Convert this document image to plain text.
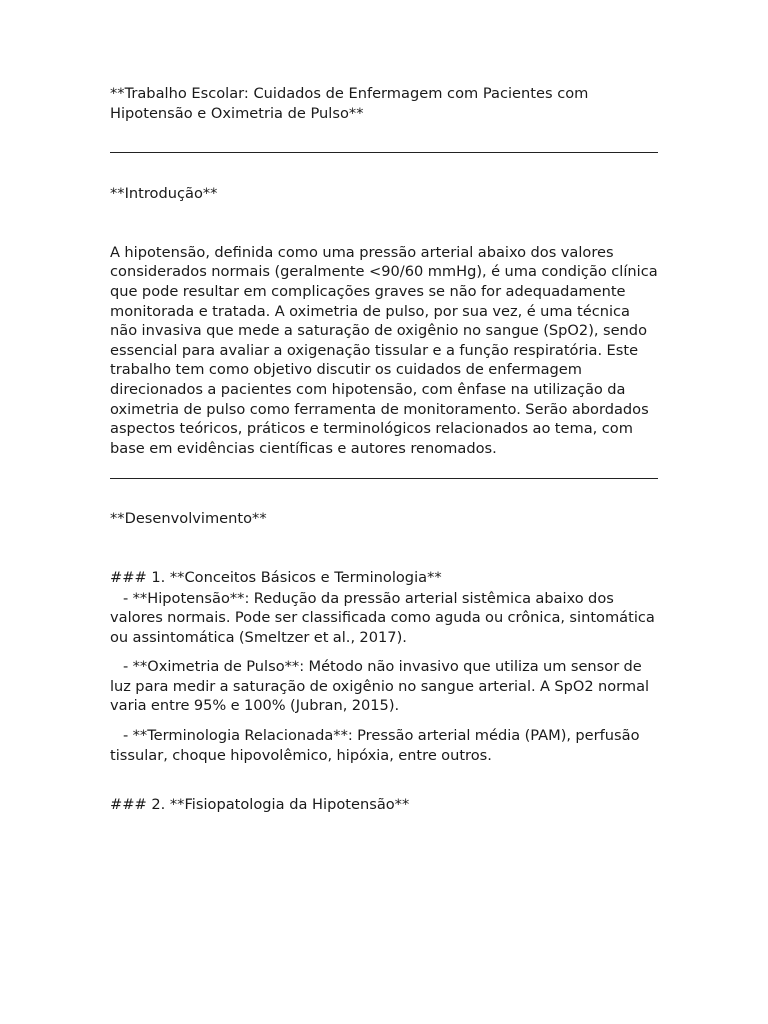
**Trabalho Escolar: Cuidados de Enfermagem com Pacientes com Hipotensão e Oximetria de Pulso**

**Introdução**

A hipotensão, definida como uma pressão arterial abaixo dos valores considerados normais (geralmente <90/60 mmHg), é uma condição clínica que pode resultar em complicações graves se não for adequadamente monitorada e tratada. A oximetria de pulso, por sua vez, é uma técnica não invasiva que mede a saturação de oxigênio no sangue (SpO2), sendo essencial para avaliar a oxigenação tissular e a função respiratória. Este trabalho tem como objetivo discutir os cuidados de enfermagem direcionados a pacientes com hipotensão, com ênfase na utilização da oximetria de pulso como ferramenta de monitoramento. Serão abordados aspectos teóricos, práticos e terminológicos relacionados ao tema, com base em evidências científicas e autores renomados.

**Desenvolvimento**

### 1. **Conceitos Básicos e Terminologia**

- **Hipotensão**: Redução da pressão arterial sistêmica abaixo dos valores normais. Pode ser classificada como aguda ou crônica, sintomática ou assintomática (Smeltzer et al., 2017).

- **Oximetria de Pulso**: Método não invasivo que utiliza um sensor de luz para medir a saturação de oxigênio no sangue arterial. A SpO2 normal varia entre 95% e 100% (Jubran, 2015).

- **Terminologia Relacionada**: Pressão arterial média (PAM), perfusão tissular, choque hipovolêmico, hipóxia, entre outros.

### 2. **Fisiopatologia da Hipotensão**
